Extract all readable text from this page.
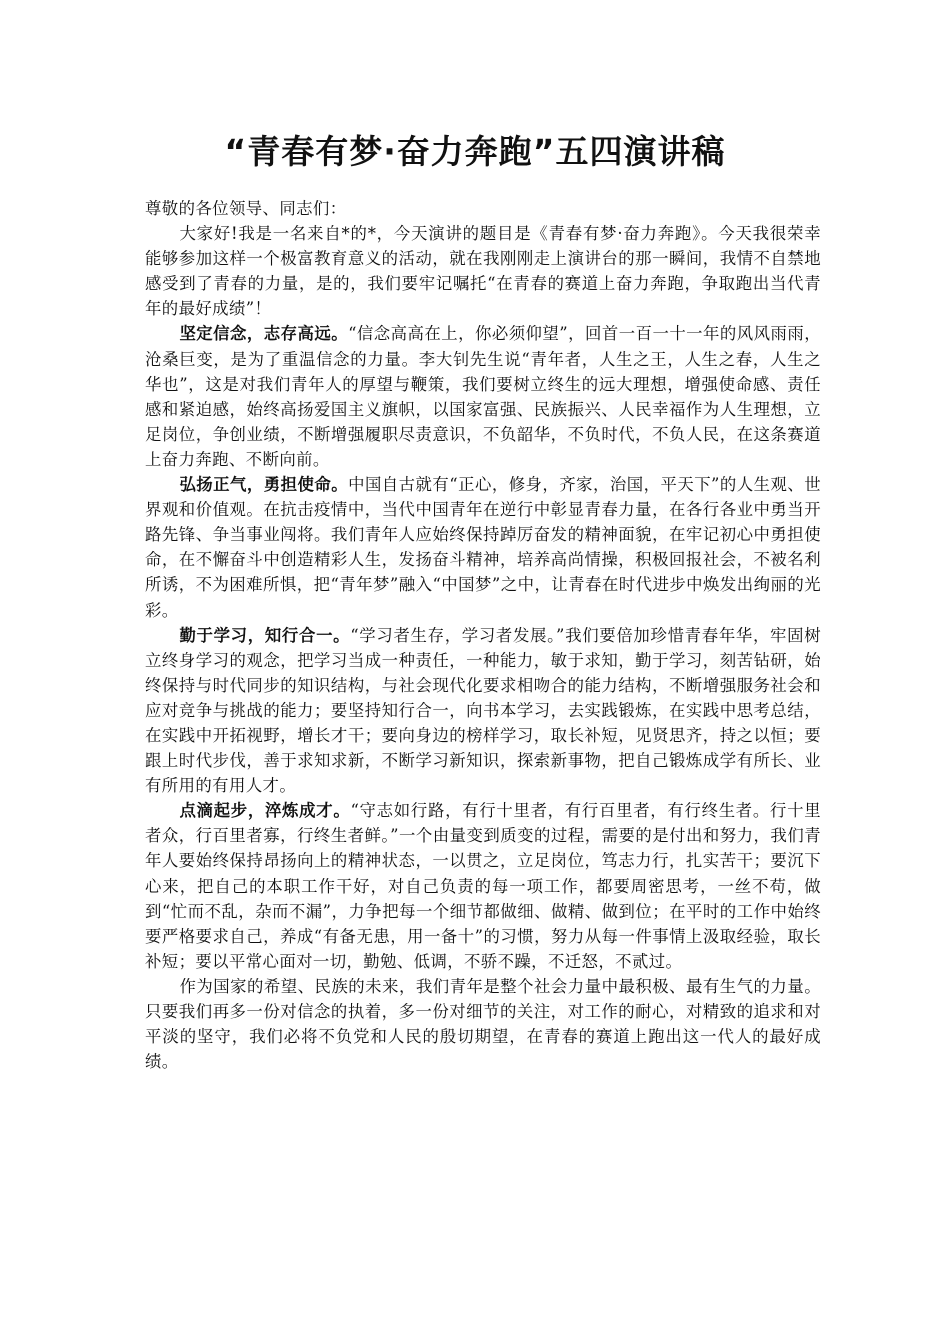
“青春有梦·奋力奔跑”五四演讲稿

尊敬的各位领导、同志们：

大家好!我是一名来自*的*，今天演讲的题目是《青春有梦·奋力奔跑》。今天我很荣幸能够参加这样一个极富教育意义的活动，就在我刚刚走上演讲台的那一瞬间，我情不自禁地感受到了青春的力量，是的，我们要牢记嘱托“在青春的赛道上奋力奔跑，争取跑出当代青年的最好成绩”！

坚定信念，志存高远。“信念高高在上，你必须仰望”，回首一百一十一年的风风雨雨，沧桑巨变，是为了重温信念的力量。李大钊先生说“青年者，人生之王，人生之春，人生之华也”，这是对我们青年人的厚望与鞭策，我们要树立终生的远大理想，增强使命感、责任感和紧迫感，始终高扬爱国主义旗帜，以国家富强、民族振兴、人民幸福作为人生理想，立足岗位，争创业绩，不断增强履职尽责意识，不负韶华，不负时代，不负人民，在这条赛道上奋力奔跑、不断向前。

弘扬正气，勇担使命。中国自古就有“正心，修身，齐家，治国，平天下”的人生观、世界观和价值观。在抗击疫情中，当代中国青年在逆行中彰显青春力量，在各行各业中勇当开路先锋、争当事业闯将。我们青年人应始终保持踔厉奋发的精神面貌，在牢记初心中勇担使命，在不懈奋斗中创造精彩人生，发扬奋斗精神，培养高尚情操，积极回报社会，不被名利所诱，不为困难所惧，把“青年梦”融入“中国梦”之中，让青春在时代进步中焕发出绚丽的光彩。

勤于学习，知行合一。“学习者生存，学习者发展。”我们要倍加珍惜青春年华，牢固树立终身学习的观念，把学习当成一种责任，一种能力，敏于求知，勤于学习，刻苦钻研，始终保持与时代同步的知识结构，与社会现代化要求相吻合的能力结构，不断增强服务社会和应对竞争与挑战的能力；要坚持知行合一，向书本学习，去实践锻炼，在实践中思考总结，在实践中开拓视野，增长才干；要向身边的榜样学习，取长补短，见贤思齐，持之以恒；要跟上时代步伐，善于求知求新，不断学习新知识，探索新事物，把自己锻炼成学有所长、业有所用的有用人才。

点滴起步，淬炼成才。“守志如行路，有行十里者，有行百里者，有行终生者。行十里者众，行百里者寡，行终生者鲜。”一个由量变到质变的过程，需要的是付出和努力，我们青年人要始终保持昂扬向上的精神状态，一以贯之，立足岗位，笃志力行，扎实苦干；要沉下心来，把自己的本职工作干好，对自己负责的每一项工作，都要周密思考，一丝不苟，做到“忙而不乱，杂而不漏”，力争把每一个细节都做细、做精、做到位；在平时的工作中始终要严格要求自己，养成“有备无患，用一备十”的习惯，努力从每一件事情上汲取经验，取长补短；要以平常心面对一切，勤勉、低调，不骄不躁，不迁怒，不贰过。

作为国家的希望、民族的未来，我们青年是整个社会力量中最积极、最有生气的力量。只要我们再多一份对信念的执着，多一份对细节的关注，对工作的耐心，对精致的追求和对平淡的坚守，我们必将不负党和人民的殷切期望，在青春的赛道上跑出这一代人的最好成绩。
